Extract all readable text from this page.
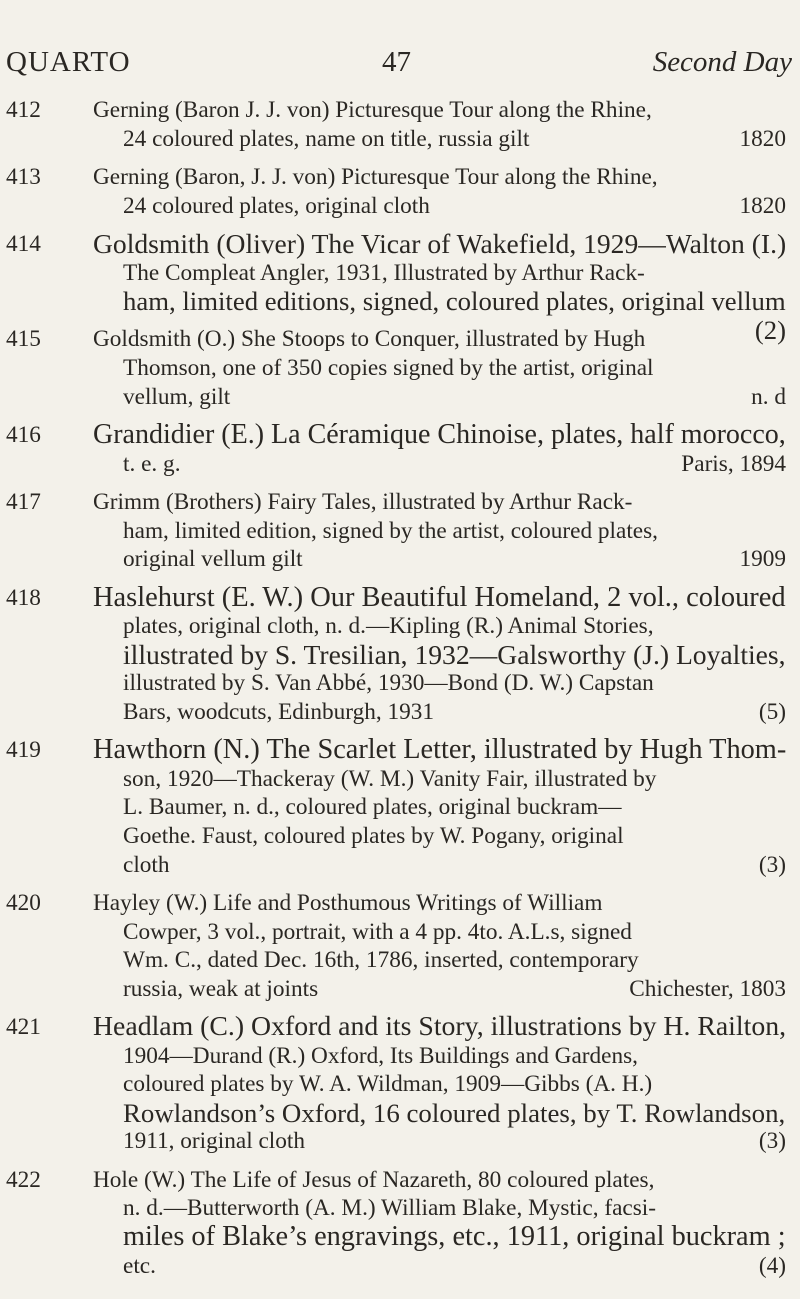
QUARTO	47	Second Day
412 Gerning (Baron J. J. von) Picturesque Tour along the Rhine,
24 coloured plates, name on title, russia gilt	1820
413 Gerning (Baron, J. J. von) Picturesque Tour along the Rhine,
24 coloured plates, original cloth	1820
414 Goldsmith (Oliver) The Vicar of Wakefield, 1929—Walton (I.)
The Compleat Angler, 1931, Illustrated by Arthur Rack-
ham, limited editions, signed, coloured plates, original vellum
(2)
415 Goldsmith (O.) She Stoops to Conquer, illustrated by Hugh
Thomson, one of 350 copies signed by the artist, original
vellum, gilt	n. d
416 Grandidier (E.) La Céramique Chinoise, plates, half morocco,
t. e. g.	Paris, 1894
417 Grimm (Brothers) Fairy Tales, illustrated by Arthur Rack-
ham, limited edition, signed by the artist, coloured plates,
original vellum gilt	1909
418 Haslehurst (E. W.) Our Beautiful Homeland, 2 vol., coloured
plates, original cloth, n. d.—Kipling (R.) Animal Stories,
illustrated by S. Tresilian, 1932—Galsworthy (J.) Loyalties,
illustrated by S. Van Abbé, 1930—Bond (D. W.) Capstan
Bars, woodcuts, Edinburgh, 1931	(5)
419 Hawthorn (N.) The Scarlet Letter, illustrated by Hugh Thom-
son, 1920—Thackeray (W. M.) Vanity Fair, illustrated by
L. Baumer, n. d., coloured plates, original buckram—
Goethe. Faust, coloured plates by W. Pogany, original
cloth	(3)
420 Hayley (W.) Life and Posthumous Writings of William
Cowper, 3 vol., portrait, with a 4 pp. 4to. A.L.s, signed
Wm. C., dated Dec. 16th, 1786, inserted, contemporary
russia, weak at joints	Chichester, 1803
421 Headlam (C.) Oxford and its Story, illustrations by H. Railton,
1904—Durand (R.) Oxford, Its Buildings and Gardens,
coloured plates by W. A. Wildman, 1909—Gibbs (A. H.)
Rowlandson’s Oxford, 16 coloured plates, by T. Rowlandson,
1911, original cloth	(3)
422 Hole (W.) The Life of Jesus of Nazareth, 80 coloured plates,
n. d.—Butterworth (A. M.) William Blake, Mystic, facsi-
miles of Blake’s engravings, etc., 1911, original buckram ;
etc.	(4)
